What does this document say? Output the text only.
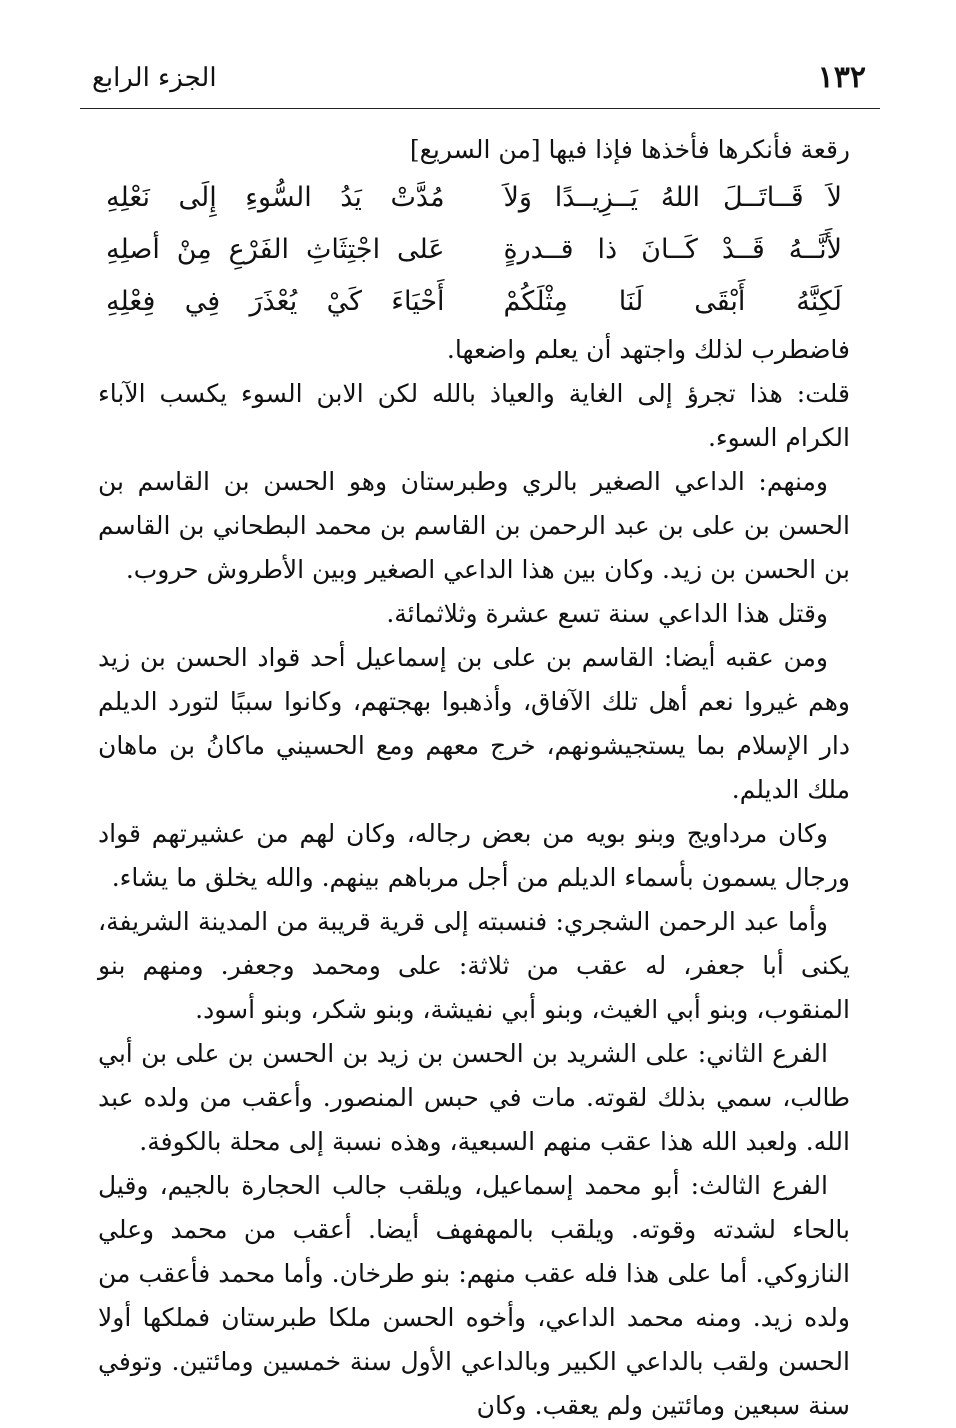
١٣٢
الجزء الرابع

رقعة فأنكرها فأخذها فإذا فيها [من السريع]

لاَ قَــاتَــلَ اللهُ يَــزِيــدًا وَلاَ
مُدَّتْ يَدُ السُّوءِ إِلَى نَعْلِهِ
لأَنَّــهُ قَــدْ كَــانَ ذا قــدرةٍ
عَلى اجْتِثَاثِ الفَرْعِ مِنْ أصلِهِ
لَكِنَّهُ أَبْقَى لَنَا مِثْلَكُمْ
أَحْيَاءَ كَيْ يُعْذَرَ فِي فِعْلِهِ

فاضطرب لذلك واجتهد أن يعلم واضعها.

قلت: هذا تجرؤ إلى الغاية والعياذ بالله لكن الابن السوء يكسب الآباء الكرام السوء.

ومنهم: الداعي الصغير بالري وطبرستان وهو الحسن بن القاسم بن الحسن بن على بن عبد الرحمن بن القاسم بن محمد البطحاني بن القاسم بن الحسن بن زيد. وكان بين هذا الداعي الصغير وبين الأطروش حروب.

وقتل هذا الداعي سنة تسع عشرة وثلاثمائة.

ومن عقبه أيضا: القاسم بن على بن إسماعيل أحد قواد الحسن بن زيد وهم غيروا نعم أهل تلك الآفاق، وأذهبوا بهجتهم، وكانوا سببًا لتورد الديلم دار الإسلام بما يستجيشونهم، خرج معهم ومع الحسيني ماكانُ بن ماهان ملك الديلم.

وكان مرداويج وبنو بويه من بعض رجاله، وكان لهم من عشيرتهم قواد ورجال يسمون بأسماء الديلم من أجل مرباهم بينهم. والله يخلق ما يشاء.

وأما عبد الرحمن الشجري: فنسبته إلى قرية قريبة من المدينة الشريفة، يكنى أبا جعفر، له عقب من ثلاثة: على ومحمد وجعفر. ومنهم بنو المنقوب، وبنو أبي الغيث، وبنو أبي نفيشة، وبنو شكر، وبنو أسود.

الفرع الثاني: على الشريد بن الحسن بن زيد بن الحسن بن على بن أبي طالب، سمي بذلك لقوته. مات في حبس المنصور. وأعقب من ولده عبد الله. ولعبد الله هذا عقب منهم السبعية، وهذه نسبة إلى محلة بالكوفة.

الفرع الثالث: أبو محمد إسماعيل، ويلقب جالب الحجارة بالجيم، وقيل بالحاء لشدته وقوته. ويلقب بالمهفهف أيضا. أعقب من محمد وعلي النازوكي. أما على هذا فله عقب منهم: بنو طرخان. وأما محمد فأعقب من ولده زيد. ومنه محمد الداعي، وأخوه الحسن ملكا طبرستان فملكها أولا الحسن ولقب بالداعي الكبير وبالداعي الأول سنة خمسين ومائتين. وتوفي سنة سبعين ومائتين ولم يعقب. وكان
